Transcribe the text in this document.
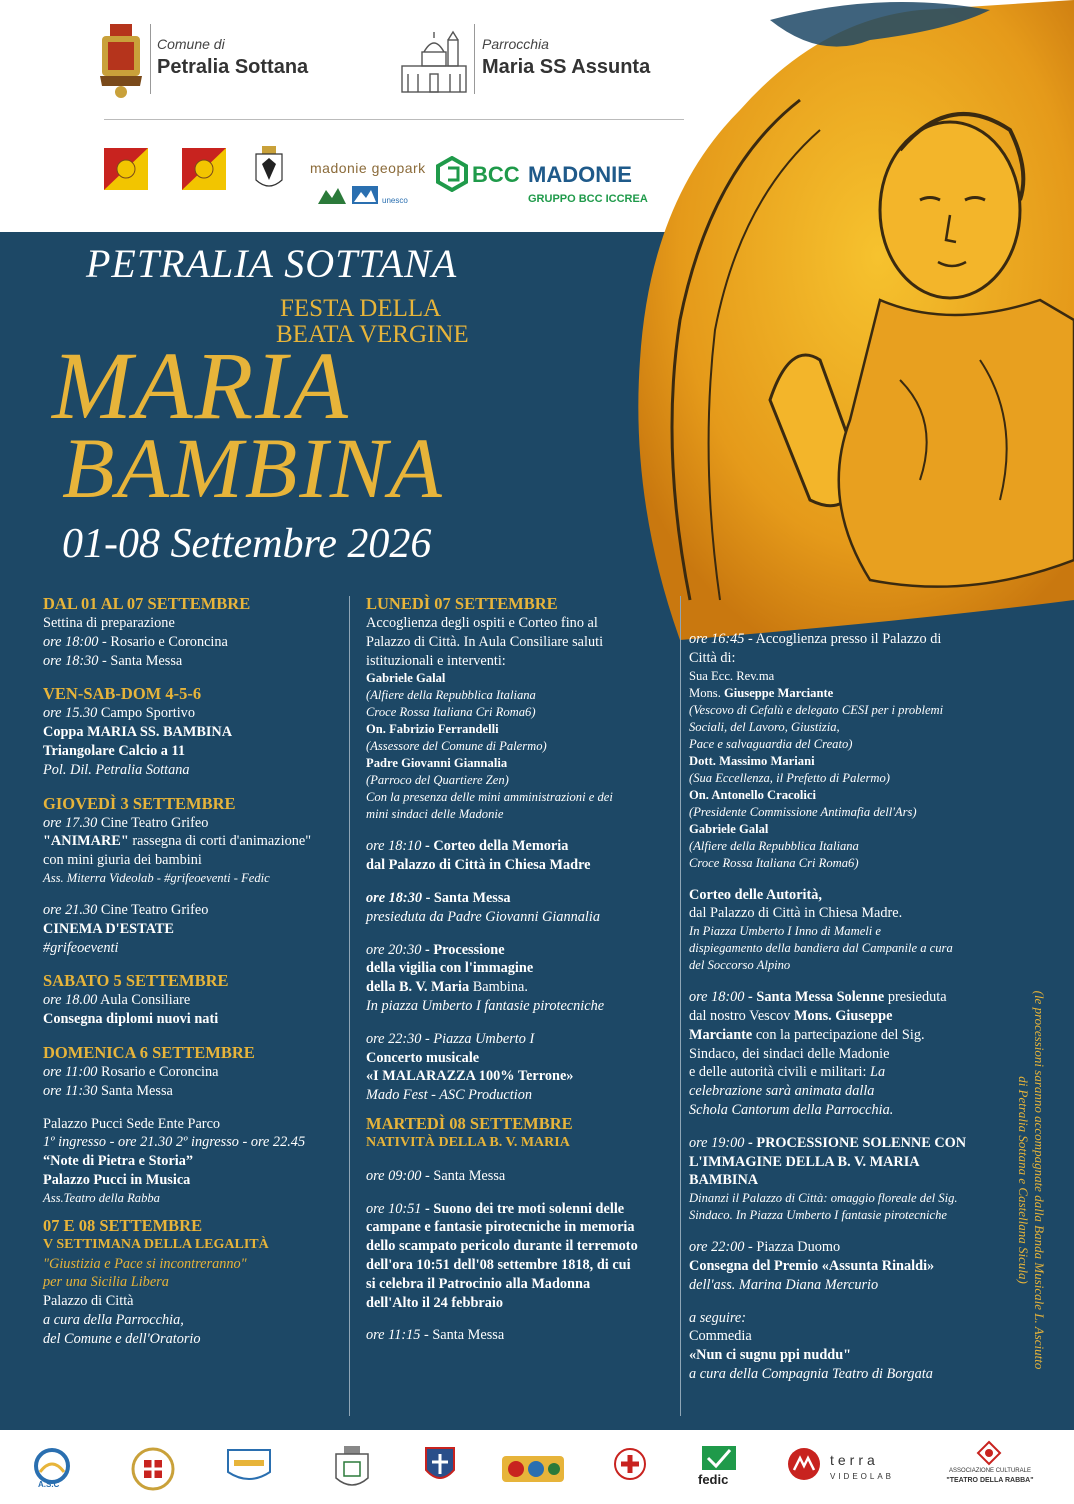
Comune di
Petralia Sottana
Parrocchia
Maria SS Assunta
madonie geopark
unesco
BCC MADONIE
GRUPPO BCC ICCREA
PETRALIA SOTTANA
FESTA DELLA
BEATA VERGINE
MARIA
BAMBINA
01-08 Settembre 2026

DAL 01 AL 07 SETTEMBRE

Settina di preparazione

ore 18:00 - Rosario e Coroncina

ore 18:30 - Santa Messa

VEN-SAB-DOM 4-5-6

ore 15.30 Campo Sportivo

Coppa MARIA SS. BAMBINA

Triangolare Calcio a 11

Pol. Dil. Petralia Sottana

GIOVEDÌ 3 SETTEMBRE

ore 17.30 Cine Teatro Grifeo

"ANIMARE" rassegna di corti d'animazione"

con mini giuria dei bambini

Ass. Miterra Videolab - #grifeoeventi - Fedic

ore 21.30 Cine Teatro Grifeo

CINEMA D'ESTATE

#grifeoeventi

SABATO 5 SETTEMBRE

ore 18.00 Aula Consiliare

Consegna diplomi nuovi nati

DOMENICA 6 SETTEMBRE

ore 11:00 Rosario e Coroncina

ore 11:30 Santa Messa

Palazzo Pucci Sede Ente Parco

1º ingresso - ore 21.30 2º ingresso - ore 22.45

“Note di Pietra e Storia”

Palazzo Pucci in Musica

Ass.Teatro della Rabba

07 E 08 SETTEMBRE

V SETTIMANA DELLA LEGALITÀ

"Giustizia e Pace si incontreranno"

per una Sicilia Libera

Palazzo di Città

a cura della Parrocchia,

del Comune e dell'Oratorio

LUNEDÌ 07 SETTEMBRE

Accoglienza degli ospiti e Corteo fino al

Palazzo di Città. In Aula Consiliare saluti

istituzionali e interventi:

Gabriele Galal

(Alfiere della Repubblica Italiana

Croce Rossa Italiana Cri Roma6)

On. Fabrizio Ferrandelli

(Assessore del Comune di Palermo)

Padre Giovanni Giannalia

(Parroco del Quartiere Zen)

Con la presenza delle mini amministrazioni e dei

mini sindaci delle Madonie

ore 18:10 - Corteo della Memoria

dal Palazzo di Città in Chiesa Madre

ore 18:30 - Santa Messa

presieduta da Padre Giovanni Giannalia

ore 20:30 - Processione

della vigilia con l'immagine

della B. V. Maria Bambina.

In piazza Umberto I fantasie pirotecniche

ore 22:30 - Piazza Umberto I

Concerto musicale

«I MALARAZZA 100% Terrone»

Mado Fest - ASC Production

MARTEDÌ 08 SETTEMBRE

NATIVITÀ DELLA B. V. MARIA

ore 09:00 - Santa Messa

ore 10:51 - Suono dei tre moti solenni delle

campane e fantasie pirotecniche in memoria

dello scampato pericolo durante il terremoto

dell'ora 10:51 dell'08 settembre 1818, di cui

si celebra il Patrocinio alla Madonna

dell'Alto il 24 febbraio

ore 11:15 - Santa Messa

ore 16:45 - Accoglienza presso il Palazzo di

Città di:

Sua Ecc. Rev.ma

Mons. Giuseppe Marciante

(Vescovo di Cefalù e delegato CESI per i problemi

Sociali, del Lavoro, Giustizia,

Pace e salvaguardia del Creato)

Dott. Massimo Mariani

(Sua Eccellenza, il Prefetto di Palermo)

On. Antonello Cracolici

(Presidente Commissione Antimafia dell'Ars)

Gabriele Galal

(Alfiere della Repubblica Italiana

Croce Rossa Italiana Cri Roma6)

Corteo delle Autorità,

dal Palazzo di Città in Chiesa Madre.

In Piazza Umberto I Inno di Mameli e

dispiegamento della bandiera dal Campanile a cura

del Soccorso Alpino

ore 18:00 - Santa Messa Solenne presieduta

dal nostro Vescov Mons. Giuseppe

Marciante con la partecipazione del Sig.

Sindaco, dei sindaci delle Madonie

e delle autorità civili e militari: La

celebrazione sarà animata dalla

Schola Cantorum della Parrocchia.

ore 19:00 - PROCESSIONE SOLENNE CON

L'IMMAGINE DELLA B. V. MARIA

BAMBINA

Dinanzi il Palazzo di Città: omaggio floreale del Sig.

Sindaco. In Piazza Umberto I fantasie pirotecniche

ore 22:00 - Piazza Duomo

Consegna del Premio «Assunta Rinaldi»

dell'ass. Marina Diana Mercurio

a seguire:

Commedia

«Nun ci sugnu ppi nuddu"

a cura della Compagnia Teatro di Borgata

(le processioni saranno accompagnate dalla Banda Musicale L. Asciutto
di Petralia Sottana e Castellana Sicula)
A.S.C	fedic
terra
VIDEOLAB
ASSOCIAZIONE CULTURALE
"TEATRO DELLA RABBA"
